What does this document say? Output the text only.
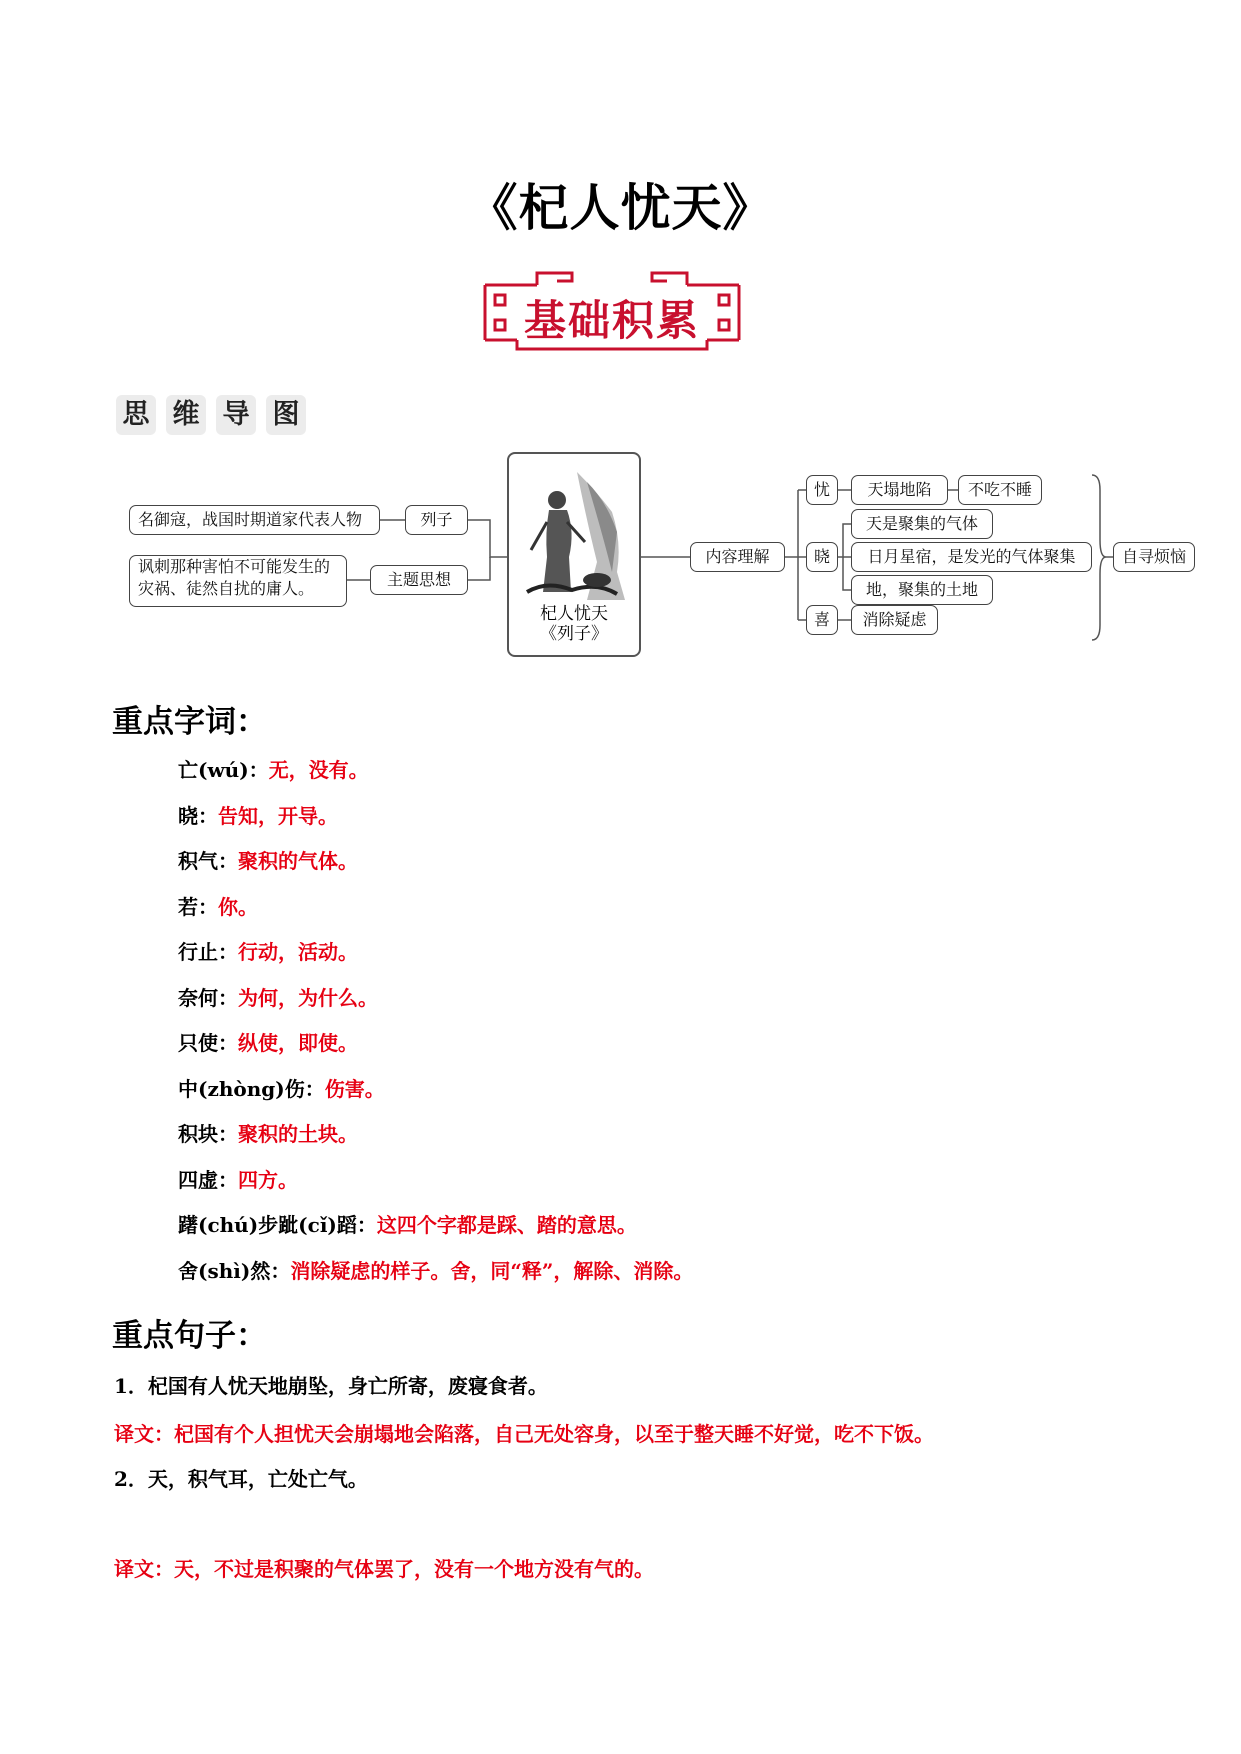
《杞人忧天》
基础积累
思 维 导 图
名御寇，战国时期道家代表人物	列子
讽刺那种害怕不可能发生的
灾祸、徒然自扰的庸人。	主题思想
杞人忧天
《列子》
内容理解
忧	天塌地陷	不吃不睡
晓
天是聚集的气体
日月星宿，是发光的气体聚集
地，聚集的土地
喜	消除疑虑
自寻烦恼
重点字词：
亡(wú)：无，没有。
晓：告知，开导。
积气：聚积的气体。
若：你。
行止：行动，活动。
奈何：为何，为什么。
只使：纵使，即使。
中(zhòng)伤：伤害。
积块：聚积的土块。
四虚：四方。
躇(chú)步跐(cǐ)蹈：这四个字都是踩、踏的意思。
舍(shì)然：消除疑虑的样子。舍，同“释”，解除、消除。
重点句子：
1．杞国有人忧天地崩坠，身亡所寄，废寝食者。
译文：杞国有个人担忧天会崩塌地会陷落，自己无处容身，以至于整天睡不好觉，吃不下饭。
2．天，积气耳，亡处亡气。
译文：天，不过是积聚的气体罢了，没有一个地方没有气的。
